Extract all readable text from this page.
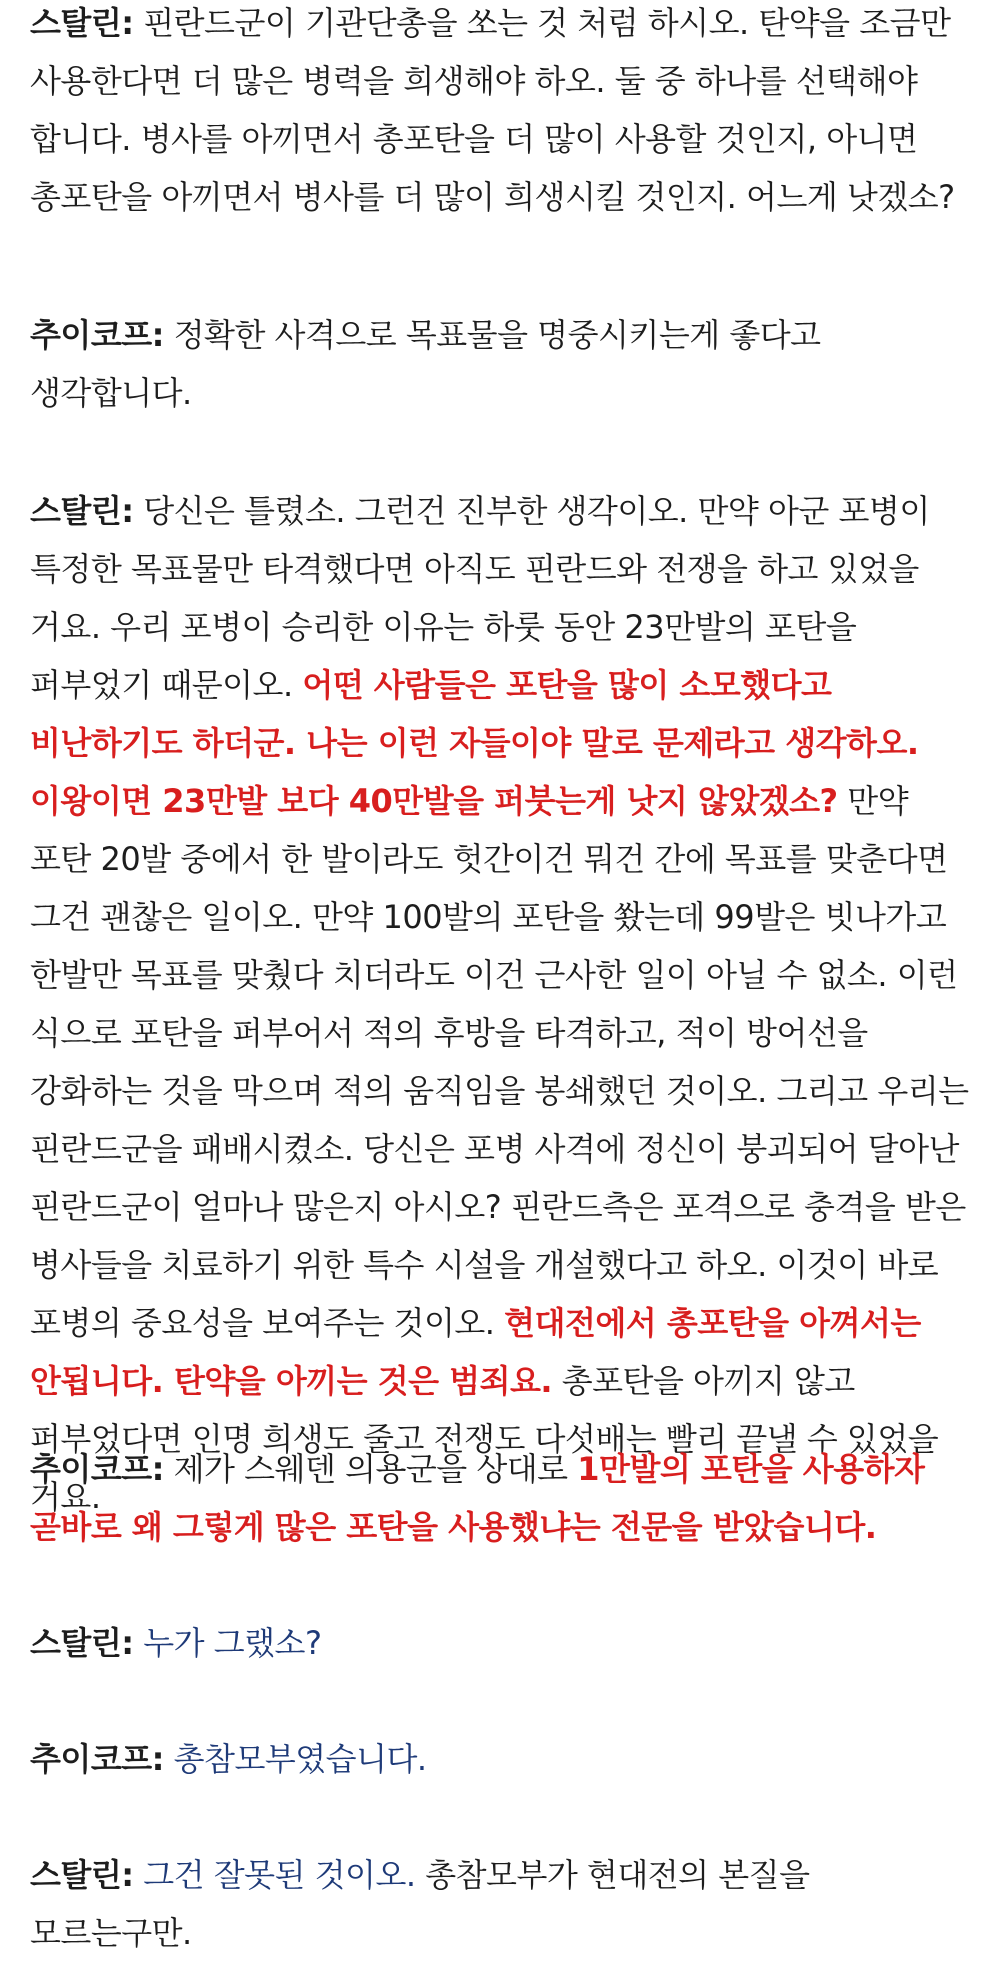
스탈린: 핀란드군이 기관단총을 쏘는 것 처럼 하시오. 탄약을 조금만 사용한다면 더 많은 병력을 희생해야 하오. 둘 중 하나를 선택해야 합니다. 병사를 아끼면서 총포탄을 더 많이 사용할 것인지, 아니면 총포탄을 아끼면서 병사를 더 많이 희생시킬 것인지. 어느게 낫겠소?

추이코프: 정확한 사격으로 목표물을 명중시키는게 좋다고 생각합니다.

스탈린: 당신은 틀렸소. 그런건 진부한 생각이오. 만약 아군 포병이 특정한 목표물만 타격했다면 아직도 핀란드와 전쟁을 하고 있었을 거요. 우리 포병이 승리한 이유는 하룻 동안 23만발의 포탄을 퍼부었기 때문이오. 어떤 사람들은 포탄을 많이 소모했다고 비난하기도 하더군. 나는 이런 자들이야 말로 문제라고 생각하오. 이왕이면 23만발 보다 40만발을 퍼붓는게 낫지 않았겠소? 만약 포탄 20발 중에서 한 발이라도 헛간이건 뭐건 간에 목표를 맞춘다면 그건 괜찮은 일이오. 만약 100발의 포탄을 쐈는데 99발은 빗나가고 한발만 목표를 맞췄다 치더라도 이건 근사한 일이 아닐 수 없소. 이런 식으로 포탄을 퍼부어서 적의 후방을 타격하고, 적이 방어선을 강화하는 것을 막으며 적의 움직임을 봉쇄했던 것이오. 그리고 우리는 핀란드군을 패배시켰소. 당신은 포병 사격에 정신이 붕괴되어 달아난 핀란드군이 얼마나 많은지 아시오? 핀란드측은 포격으로 충격을 받은 병사들을 치료하기 위한 특수 시설을 개설했다고 하오. 이것이 바로 포병의 중요성을 보여주는 것이오. 현대전에서 총포탄을 아껴서는 안됩니다. 탄약을 아끼는 것은 범죄요. 총포탄을 아끼지 않고 퍼부었다면 인명 희생도 줄고 전쟁도 다섯배는 빨리 끝낼 수 있었을 거요.

추이코프: 제가 스웨덴 의용군을 상대로 1만발의 포탄을 사용하자 곧바로 왜 그렇게 많은 포탄을 사용했냐는 전문을 받았습니다.

스탈린: 누가 그랬소?

추이코프: 총참모부였습니다.

스탈린: 그건 잘못된 것이오. 총참모부가 현대전의 본질을 모르는구만.
